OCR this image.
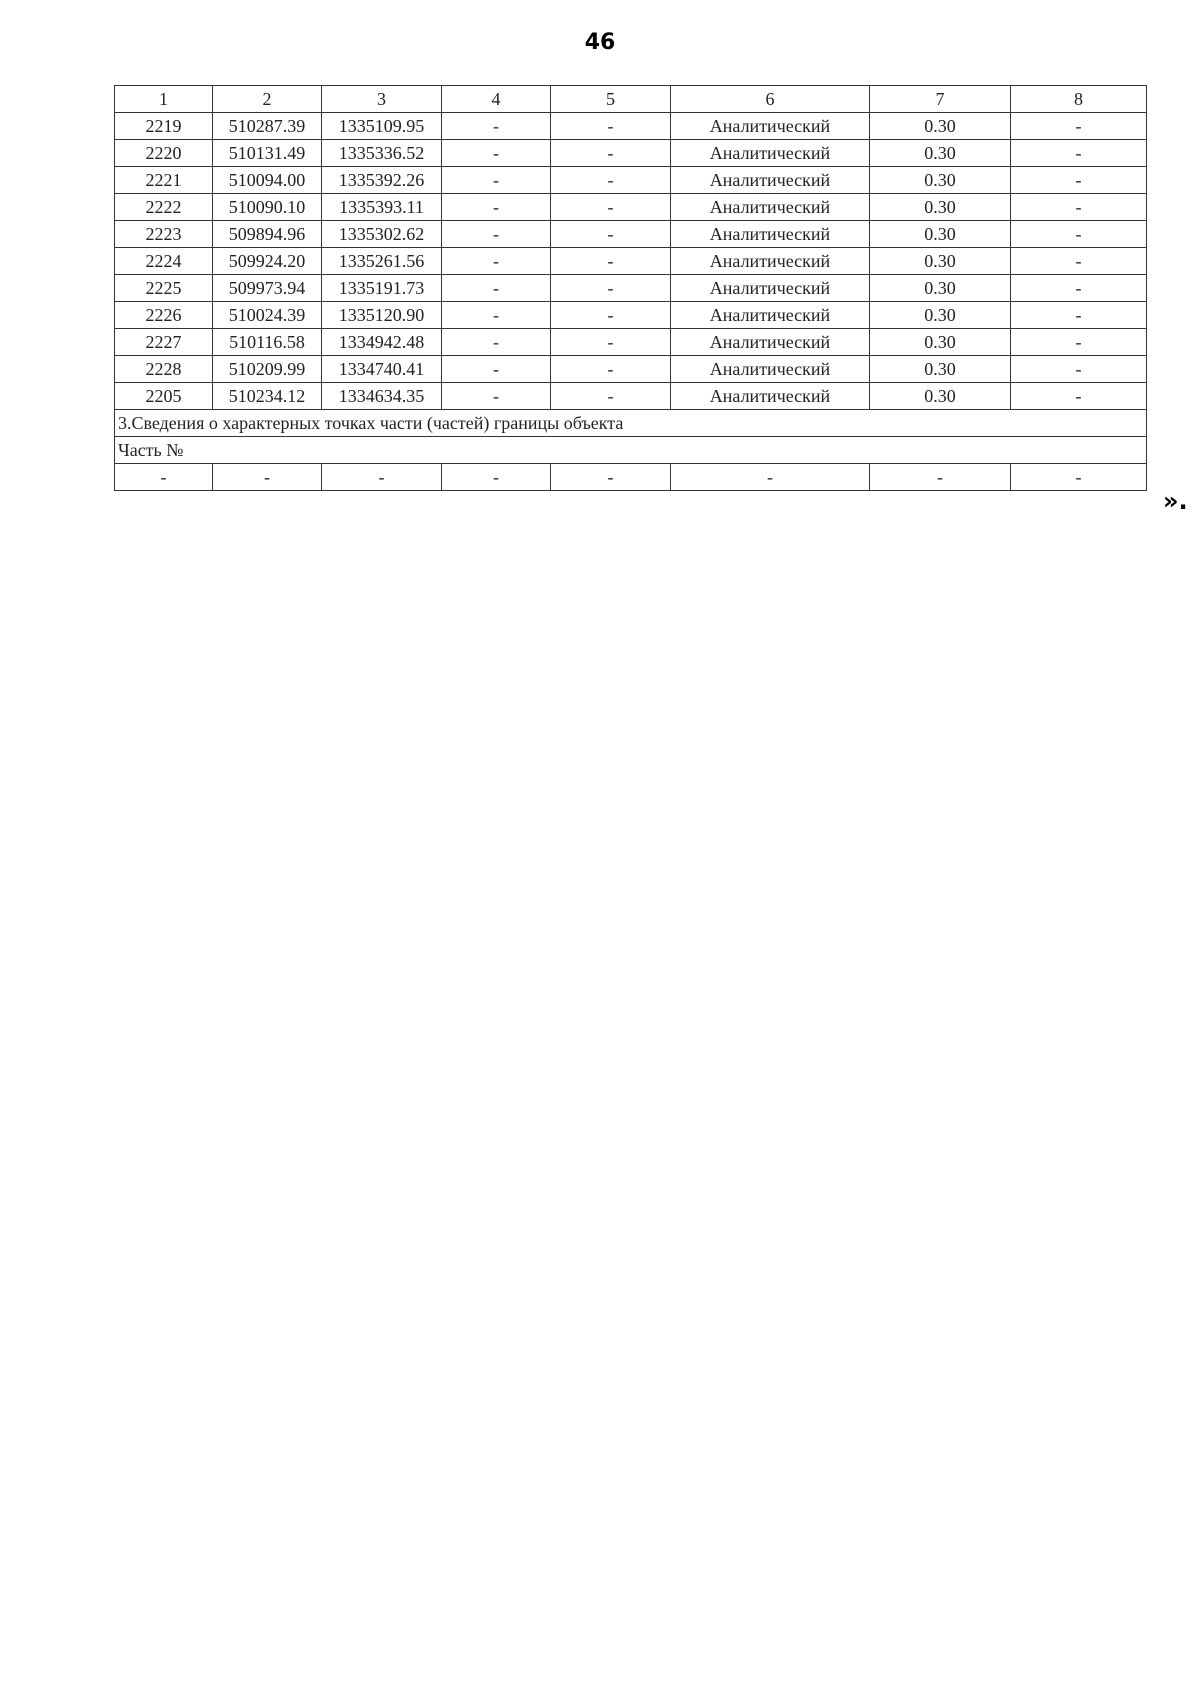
46
1	2	3	4	5	6	7	8
2219	510287.39	1335109.95	-	-	Аналитический	0.30	-
2220	510131.49	1335336.52	-	-	Аналитический	0.30	-
2221	510094.00	1335392.26	-	-	Аналитический	0.30	-
2222	510090.10	1335393.11	-	-	Аналитический	0.30	-
2223	509894.96	1335302.62	-	-	Аналитический	0.30	-
2224	509924.20	1335261.56	-	-	Аналитический	0.30	-
2225	509973.94	1335191.73	-	-	Аналитический	0.30	-
2226	510024.39	1335120.90	-	-	Аналитический	0.30	-
2227	510116.58	1334942.48	-	-	Аналитический	0.30	-
2228	510209.99	1334740.41	-	-	Аналитический	0.30	-
2205	510234.12	1334634.35	-	-	Аналитический	0.30	-
3.Сведения о характерных точках части (частей) границы объекта							
Часть №							
-	-	-	-	-	-	-	-
».
